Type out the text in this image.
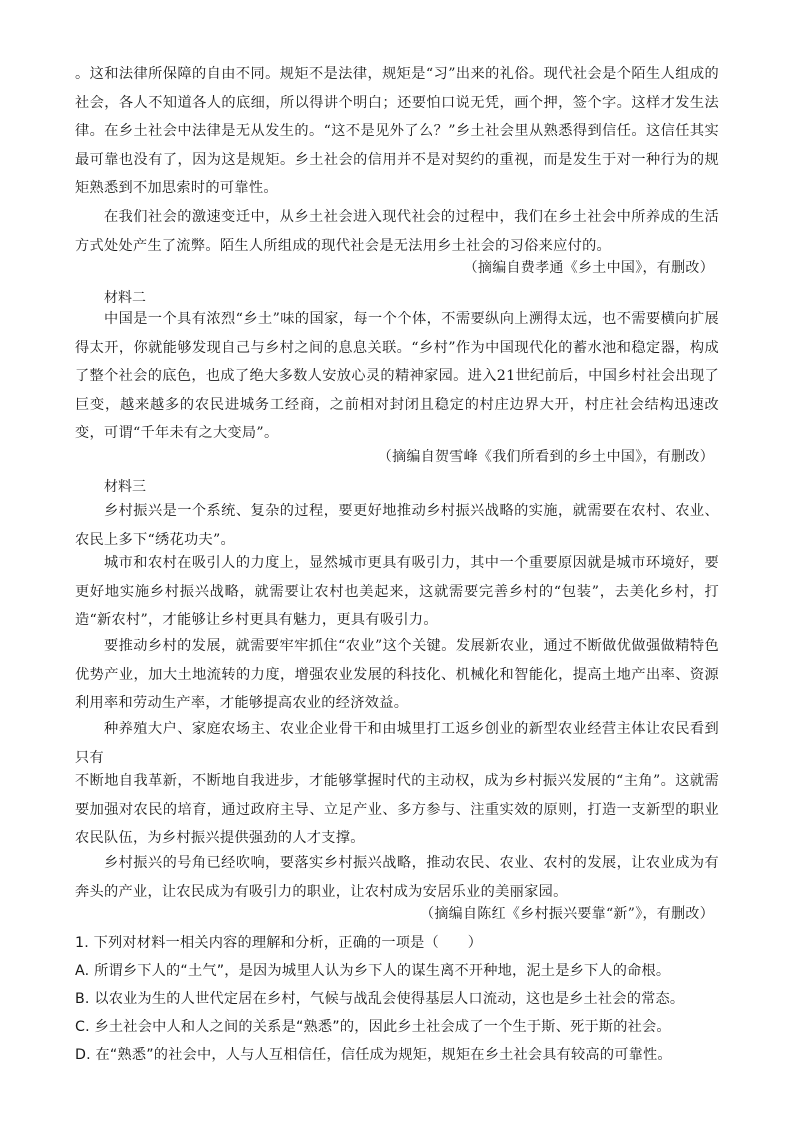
。这和法律所保障的自由不同。规矩不是法律，规矩是“习”出来的礼俗。现代社会是个陌生人组成的社会，各人不知道各人的底细，所以得讲个明白；还要怕口说无凭，画个押，签个字。这样才发生法律。在乡土社会中法律是无从发生的。“这不是见外了么？”乡土社会里从熟悉得到信任。这信任其实最可靠也没有了，因为这是规矩。乡土社会的信用并不是对契约的重视，而是发生于对一种行为的规矩熟悉到不加思索时的可靠性。

在我们社会的激速变迁中，从乡土社会进入现代社会的过程中，我们在乡土社会中所养成的生活方式处处产生了流弊。陌生人所组成的现代社会是无法用乡土社会的习俗来应付的。

（摘编自费孝通《乡土中国》，有删改）
材料二

中国是一个具有浓烈“乡土”味的国家，每一个个体，不需要纵向上溯得太远，也不需要横向扩展得太开，你就能够发现自己与乡村之间的息息关联。“乡村”作为中国现代化的蓄水池和稳定器，构成了整个社会的底色，也成了绝大多数人安放心灵的精神家园。进入21世纪前后，中国乡村社会出现了巨变，越来越多的农民进城务工经商，之前相对封闭且稳定的村庄边界大开，村庄社会结构迅速改变，可谓“千年未有之大变局”。

（摘编自贺雪峰《我们所看到的乡土中国》，有删改）
材料三

乡村振兴是一个系统、复杂的过程，要更好地推动乡村振兴战略的实施，就需要在农村、农业、农民上多下“绣花功夫”。

城市和农村在吸引人的力度上，显然城市更具有吸引力，其中一个重要原因就是城市环境好，要更好地实施乡村振兴战略，就需要让农村也美起来，这就需要完善乡村的“包装”，去美化乡村，打造“新农村”，才能够让乡村更具有魅力，更具有吸引力。

要推动乡村的发展，就需要牢牢抓住“农业”这个关键。发展新农业，通过不断做优做强做精特色优势产业，加大土地流转的力度，增强农业发展的科技化、机械化和智能化，提高土地产出率、资源利用率和劳动生产率，才能够提高农业的经济效益。

种养殖大户、家庭农场主、农业企业骨干和由城里打工返乡创业的新型农业经营主体让农民看到只有

不断地自我革新，不断地自我进步，才能够掌握时代的主动权，成为乡村振兴发展的“主角”。这就需要加强对农民的培育，通过政府主导、立足产业、多方参与、注重实效的原则，打造一支新型的职业农民队伍，为乡村振兴提供强劲的人才支撑。

乡村振兴的号角已经吹响，要落实乡村振兴战略，推动农民、农业、农村的发展，让农业成为有奔头的产业，让农民成为有吸引力的职业，让农村成为安居乐业的美丽家园。

（摘编自陈红《乡村振兴要靠“新”》，有删改）

1. 下列对材料一相关内容的理解和分析，正确的一项是（　　）

A. 所谓乡下人的“土气”，是因为城里人认为乡下人的谋生离不开种地，泥土是乡下人的命根。

B. 以农业为生的人世代定居在乡村，气候与战乱会使得基层人口流动，这也是乡土社会的常态。

C. 乡土社会中人和人之间的关系是“熟悉”的，因此乡土社会成了一个生于斯、死于斯的社会。

D. 在“熟悉”的社会中，人与人互相信任，信任成为规矩，规矩在乡土社会具有较高的可靠性。
